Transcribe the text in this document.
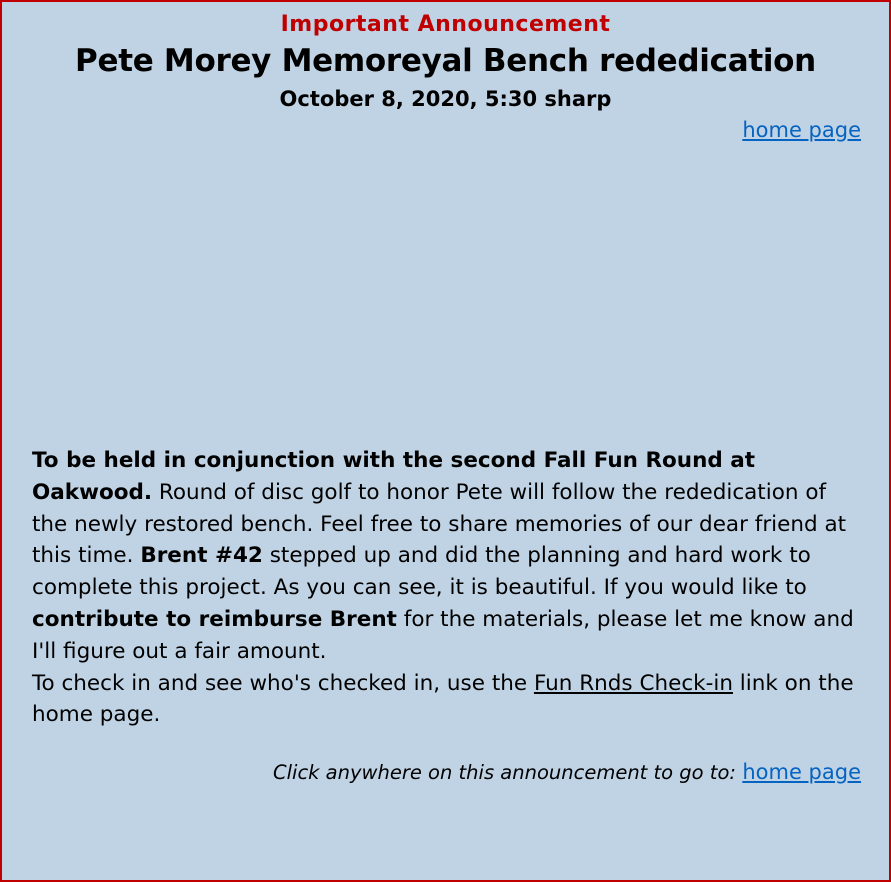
Important Announcement
Pete Morey Memoreyal Bench rededication
October 8, 2020, 5:30 sharp
home page
To be held in conjunction with the second Fall Fun Round at Oakwood. Round of disc golf to honor Pete will follow the rededication of the newly restored bench. Feel free to share memories of our dear friend at this time. Brent #42 stepped up and did the planning and hard work to complete this project. As you can see, it is beautiful. If you would like to contribute to reimburse Brent for the materials, please let me know and I'll figure out a fair amount.
To check in and see who's checked in, use the Fun Rnds Check-in link on the home page.
Click anywhere on this announcement to go to: home page
